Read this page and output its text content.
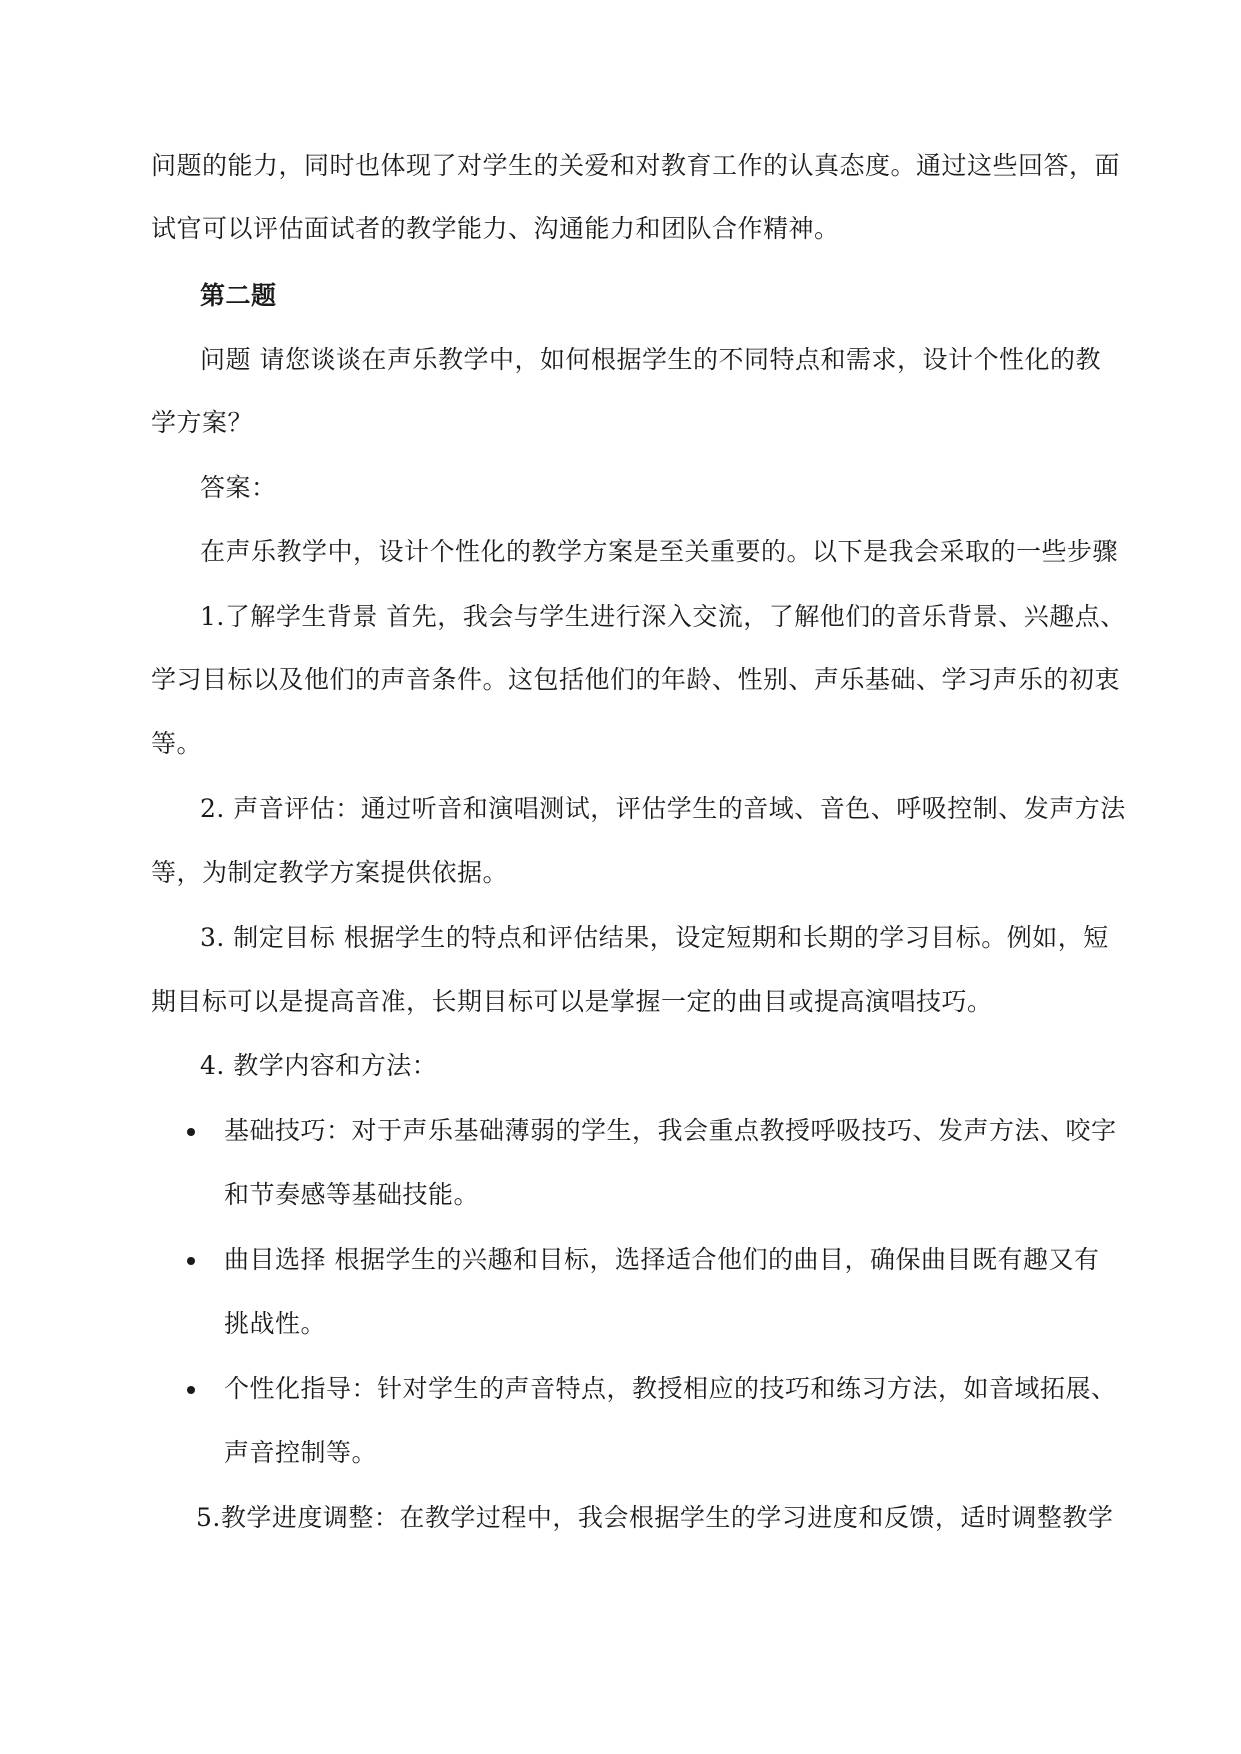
问题的能力，同时也体现了对学生的关爱和对教育工作的认真态度。通过这些回答，面
试官可以评估面试者的教学能力、沟通能力和团队合作精神。
第二题
问题 请您谈谈在声乐教学中，如何根据学生的不同特点和需求，设计个性化的教
学方案？
答案：
在声乐教学中，设计个性化的教学方案是至关重要的。以下是我会采取的一些步骤
1.了解学生背景 首先，我会与学生进行深入交流，了解他们的音乐背景、兴趣点、
学习目标以及他们的声音条件。这包括他们的年龄、性别、声乐基础、学习声乐的初衷
等。
2. 声音评估：通过听音和演唱测试，评估学生的音域、音色、呼吸控制、发声方法
等，为制定教学方案提供依据。
3. 制定目标 根据学生的特点和评估结果，设定短期和长期的学习目标。例如，短
期目标可以是提高音准，长期目标可以是掌握一定的曲目或提高演唱技巧。
4. 教学内容和方法：
基础技巧：对于声乐基础薄弱的学生，我会重点教授呼吸技巧、发声方法、咬字
和节奏感等基础技能。
曲目选择 根据学生的兴趣和目标，选择适合他们的曲目，确保曲目既有趣又有
挑战性。
个性化指导：针对学生的声音特点，教授相应的技巧和练习方法，如音域拓展、
声音控制等。
5.教学进度调整：在教学过程中，我会根据学生的学习进度和反馈，适时调整教学
